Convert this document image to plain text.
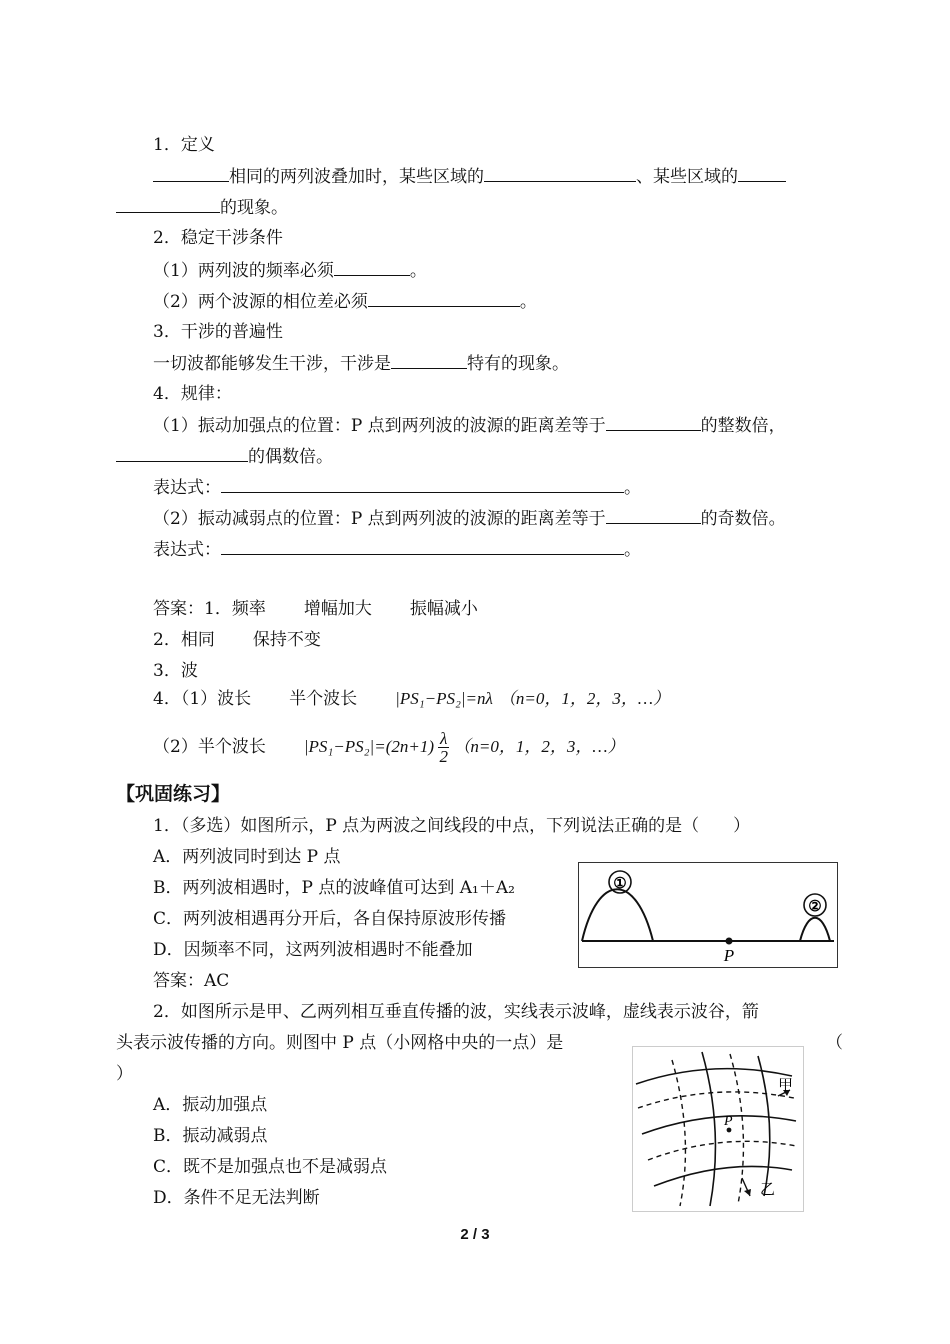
1．定义
相同的两列波叠加时，某些区域的	、某些区域的
的现象。
2．稳定干涉条件
（1）两列波的频率必须	。
（2）两个波源的相位差必须	。
3．干涉的普遍性
一切波都能够发生干涉，干涉是	特有的现象。
4．规律：
（1）振动加强点的位置：P 点到两列波的波源的距离差等于	的整数倍，
的偶数倍。
表达式：	。
（2）振动减弱点的位置：P 点到两列波的波源的距离差等于	的奇数倍。
表达式：	。
答案：1．频率 增幅加大 振幅减小
2．相同 保持不变
3．波
4．（1）波长 半个波长 |PS₁−PS₂|=nλ （n=0，1，2，3，…）
（2）半个波长 $|PS_1-PS_2|=(2n+1) \frac{\lambda}{2} (n=0$，1，2，3，…）
【巩固练习】
1．（多选）如图所示，P 点为两波之间线段的中点，下列说法正确的是（　　）
A．两列波同时到达 P 点
B．两列波相遇时，P 点的波峰值可达到 A₁＋A₂
C．两列波相遇再分开后，各自保持原波形传播
D．因频率不同，这两列波相遇时不能叠加
答案：AC
①
②
P
2．如图所示是甲、乙两列相互垂直传播的波，实线表示波峰，虚线表示波谷，箭
头表示波传播的方向。则图中 P 点（小网格中央的一点）是	（
）
A．振动加强点
B．振动减弱点
C．既不是加强点也不是减弱点
D．条件不足无法判断
甲
乙
P
2 / 3
